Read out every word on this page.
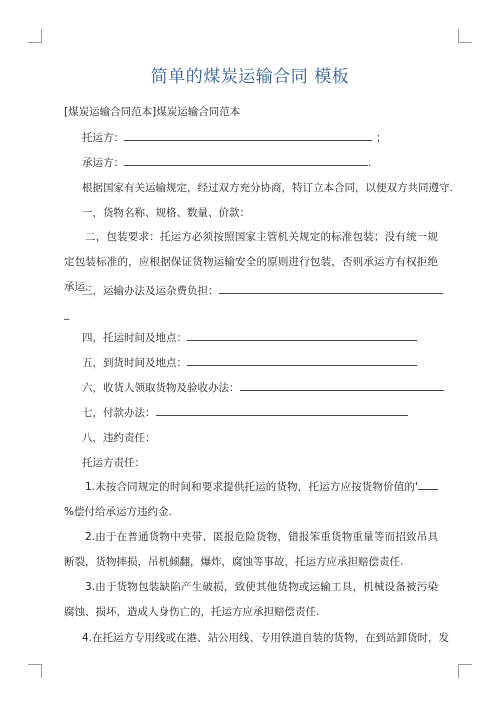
简单的煤炭运输合同 模板
[煤炭运输合同范本]煤炭运输合同范本
托运方：	；
承运方：	.
根据国家有关运输规定，经过双方充分协商，特订立本合同，以便双方共同遵守.
一，货物名称、规格、数量、价款：
二，包装要求：托运方必须按照国家主管机关规定的标准包装；没有统一规定包装标准的，应根据保证货物运输安全的原则进行包装，否则承运方有权拒绝承运.
三，运输办法及运杂费负担：
_
四，托运时间及地点：
五，到货时间及地点：
六，收货人领取货物及验收办法：
七，付款办法：
八，违约责任：
托运方责任：
1.未按合同规定的时间和要求提供托运的货物，托运方应按货物价值的'%偿付给承运方违约金.
2.由于在普通货物中夹带、匿报危险货物，错报笨重货物重量等而招致吊具断裂，货物摔损，吊机倾翻，爆炸，腐蚀等事故，托运方应承担赔偿责任.
3.由于货物包装缺陷产生破损，致使其他货物或运输工具，机械设备被污染腐蚀、损坏，造成人身伤亡的，托运方应承担赔偿责任.
4.在托运方专用线或在港、站公用线、专用铁道自装的货物，在到站卸货时，发
